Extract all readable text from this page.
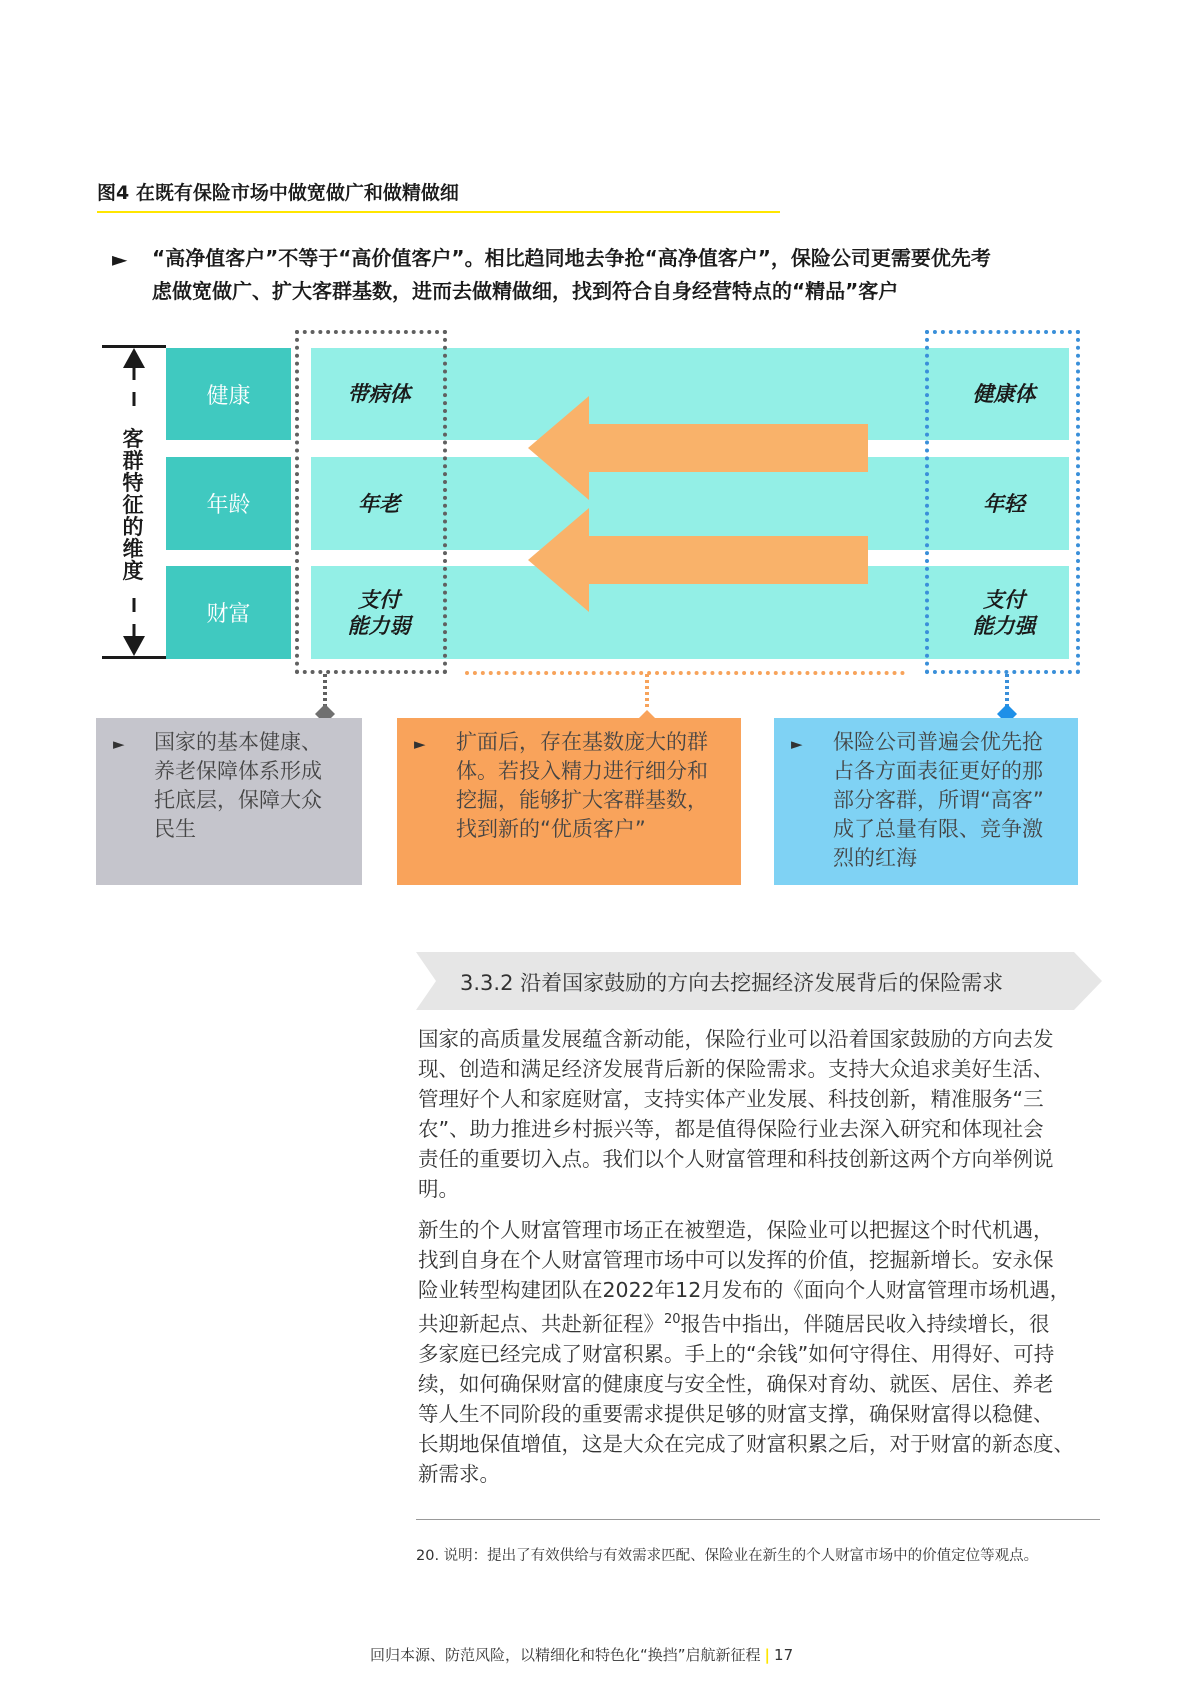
图4 在既有保险市场中做宽做广和做精做细
► “高净值客户”不等于“高价值客户”。相比趋同地去争抢“高净值客户”，保险公司更需要优先考
虑做宽做广、扩大客群基数，进而去做精做细，找到符合自身经营特点的“精品”客户
客
群
特
征
的
维
度
健康
年龄
财富
带病体
年老
支付
能力弱
健康体
年轻
支付
能力强
► 国家的基本健康、
养老保障体系形成
托底层，保障大众
民生
► 扩面后，存在基数庞大的群
体。若投入精力进行细分和
挖掘，能够扩大客群基数，
找到新的“优质客户”
► 保险公司普遍会优先抢
占各方面表征更好的那
部分客群，所谓“高客”
成了总量有限、竞争激
烈的红海
3.3.2 沿着国家鼓励的方向去挖掘经济发展背后的保险需求

国家的高质量发展蕴含新动能，保险行业可以沿着国家鼓励的方向去发

现、创造和满足经济发展背后新的保险需求。支持大众追求美好生活、

管理好个人和家庭财富，支持实体产业发展、科技创新，精准服务“三

农”、助力推进乡村振兴等，都是值得保险行业去深入研究和体现社会

责任的重要切入点。我们以个人财富管理和科技创新这两个方向举例说

明。

新生的个人财富管理市场正在被塑造，保险业可以把握这个时代机遇，

找到自身在个人财富管理市场中可以发挥的价值，挖掘新增长。安永保

险业转型构建团队在2022年12月发布的《面向个人财富管理市场机遇，

共迎新起点、共赴新征程》$^{20}$报告中指出，伴随居民收入持续增长，很

多家庭已经完成了财富积累。手上的“余钱”如何守得住、用得好、可持

续，如何确保财富的健康度与安全性，确保对育幼、就医、居住、养老

等人生不同阶段的重要需求提供足够的财富支撑，确保财富得以稳健、

长期地保值增值，这是大众在完成了财富积累之后，对于财富的新态度、

新需求。

20. 说明：提出了有效供给与有效需求匹配、保险业在新生的个人财富市场中的价值定位等观点。
回归本源、防范风险，以精细化和特色化“换挡”启航新征程 | 17
